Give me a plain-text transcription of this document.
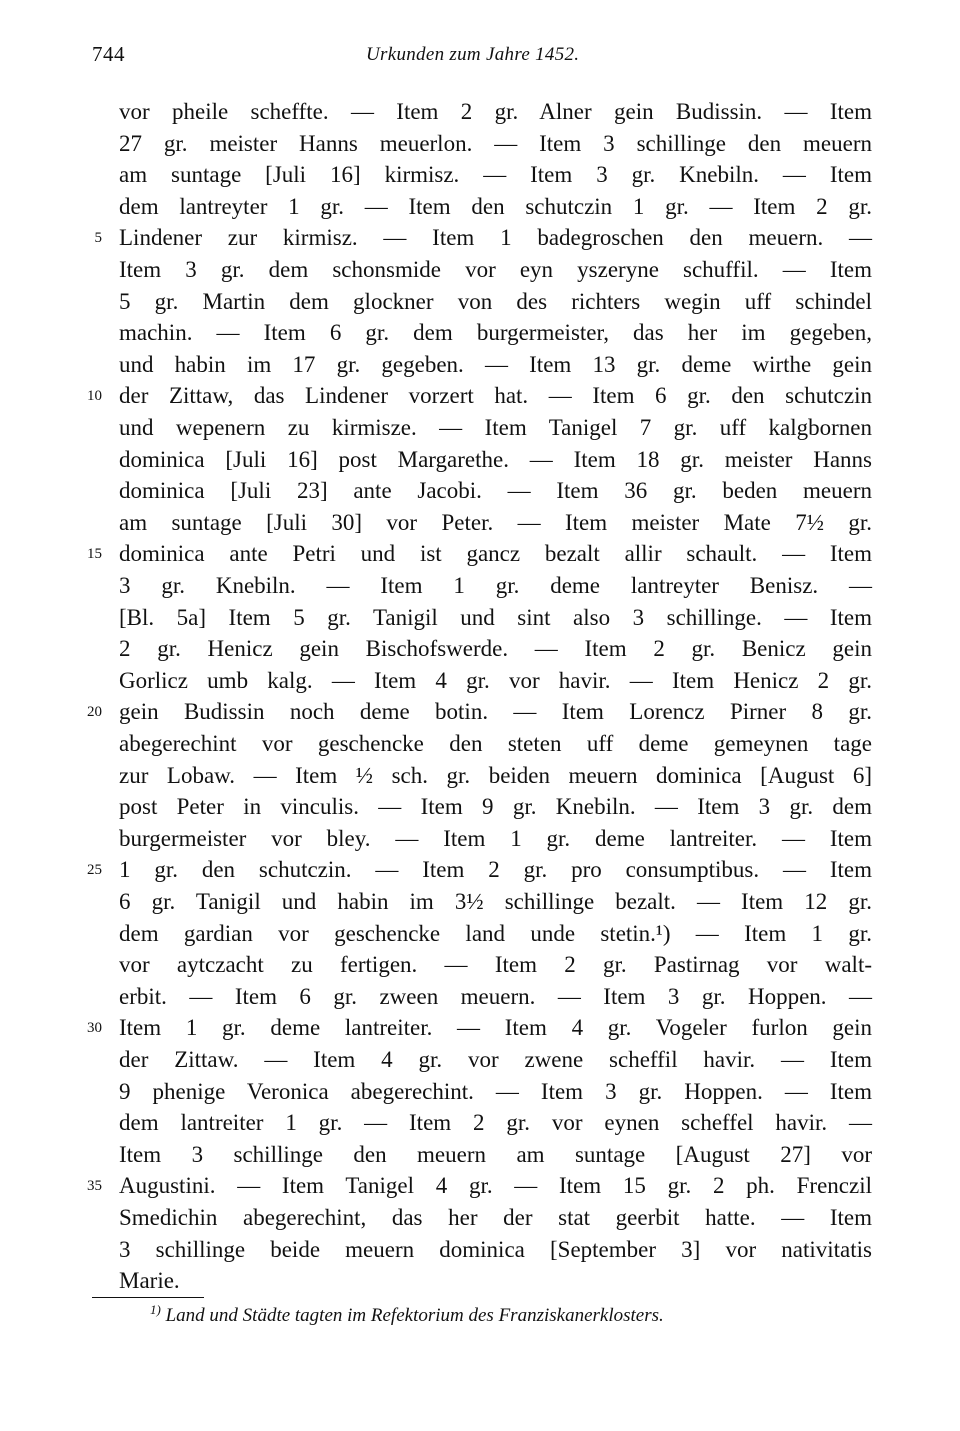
744	Urkunden zum Jahre 1452.
vor pheile scheffte. — Item 2 gr. Alner gein Budissin. — Item
27 gr. meister Hanns meuerlon. — Item 3 schillinge den meuern
am suntage [Juli 16] kirmisz. — Item 3 gr. Knebiln. — Item
dem lantreyter 1 gr. — Item den schutczin 1 gr. — Item 2 gr.
Lindener zur kirmisz. — Item 1 badegroschen den meuern. —
Item 3 gr. dem schonsmide vor eyn yszeryne schuffil. — Item
5 gr. Martin dem glockner von des richters wegin uff schindel
machin. — Item 6 gr. dem burgermeister, das her im gegeben,
und habin im 17 gr. gegeben. — Item 13 gr. deme wirthe gein
der Zittaw, das Lindener vorzert hat. — Item 6 gr. den schutczin
und wepenern zu kirmisze. — Item Tanigel 7 gr. uff kalgbornen
dominica [Juli 16] post Margarethe. — Item 18 gr. meister Hanns
dominica [Juli 23] ante Jacobi. — Item 36 gr. beden meuern
am suntage [Juli 30] vor Peter. — Item meister Mate 7½ gr.
dominica ante Petri und ist gancz bezalt allir schault. — Item
3 gr. Knebiln. — Item 1 gr. deme lantreyter Benisz. —
[Bl. 5a] Item 5 gr. Tanigil und sint also 3 schillinge. — Item
2 gr. Henicz gein Bischofswerde. — Item 2 gr. Benicz gein
Gorlicz umb kalg. — Item 4 gr. vor havir. — Item Henicz 2 gr.
gein Budissin noch deme botin. — Item Lorencz Pirner 8 gr.
abegerechint vor geschencke den steten uff deme gemeynen tage
zur Lobaw. — Item ½ sch. gr. beiden meuern dominica [August 6]
post Peter in vinculis. — Item 9 gr. Knebiln. — Item 3 gr. dem
burgermeister vor bley. — Item 1 gr. deme lantreiter. — Item
1 gr. den schutczin. — Item 2 gr. pro consumptibus. — Item
6 gr. Tanigil und habin im 3½ schillinge bezalt. — Item 12 gr.
dem gardian vor geschencke land unde stetin.¹) — Item 1 gr.
vor aytczacht zu fertigen. — Item 2 gr. Pastirnag vor walt-
erbit. — Item 6 gr. zween meuern. — Item 3 gr. Hoppen. —
Item 1 gr. deme lantreiter. — Item 4 gr. Vogeler furlon gein
der Zittaw. — Item 4 gr. vor zwene scheffil havir. — Item
9 phenige Veronica abegerechint. — Item 3 gr. Hoppen. — Item
dem lantreiter 1 gr. — Item 2 gr. vor eynen scheffel havir. —
Item 3 schillinge den meuern am suntage [August 27] vor
Augustini. — Item Tanigel 4 gr. — Item 15 gr. 2 ph. Frenczil
Smedichin abegerechint, das her der stat geerbit hatte. — Item
3 schillinge beide meuern dominica [September 3] vor nativitatis
Marie.
5
10
15
20
25
30
35
$^{1)}$ Land und Städte tagten im Refektorium des Franziskanerklosters.
